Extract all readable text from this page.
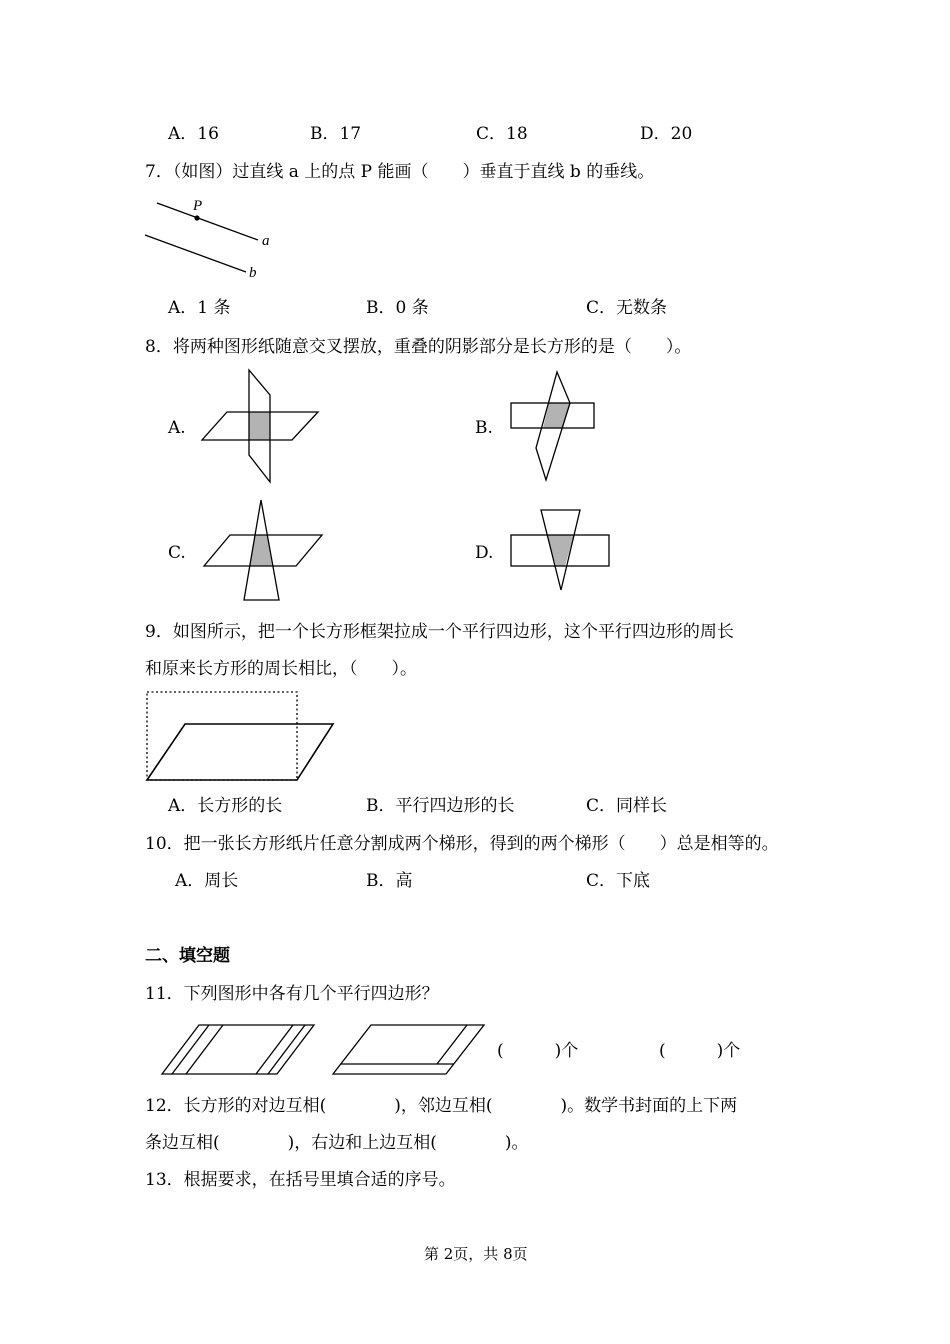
A．16	B．17	C．18	D．20
7．（如图）过直线 a 上的点 P 能画（　　）垂直于直线 b 的垂线。
P
a
b
A．1 条	B．0 条	C．无数条
8．将两种图形纸随意交叉摆放，重叠的阴影部分是长方形的是（　　）。
A.	B.
C.	D.
9．如图所示，把一个长方形框架拉成一个平行四边形，这个平行四边形的周长
和原来长方形的周长相比，（　　）。
A．长方形的长	B．平行四边形的长	C．同样长
10．把一张长方形纸片任意分割成两个梯形，得到的两个梯形（　　）总是相等的。
A．周长	B．高	C．下底
二、填空题
11．下列图形中各有几个平行四边形？
(　　　)个	(　　　)个
12．长方形的对边互相(　　　　)，邻边互相(　　　　)。数学书封面的上下两
条边互相(　　　　)，右边和上边互相(　　　　)。
13．根据要求，在括号里填合适的序号。
第 2页，共 8页
